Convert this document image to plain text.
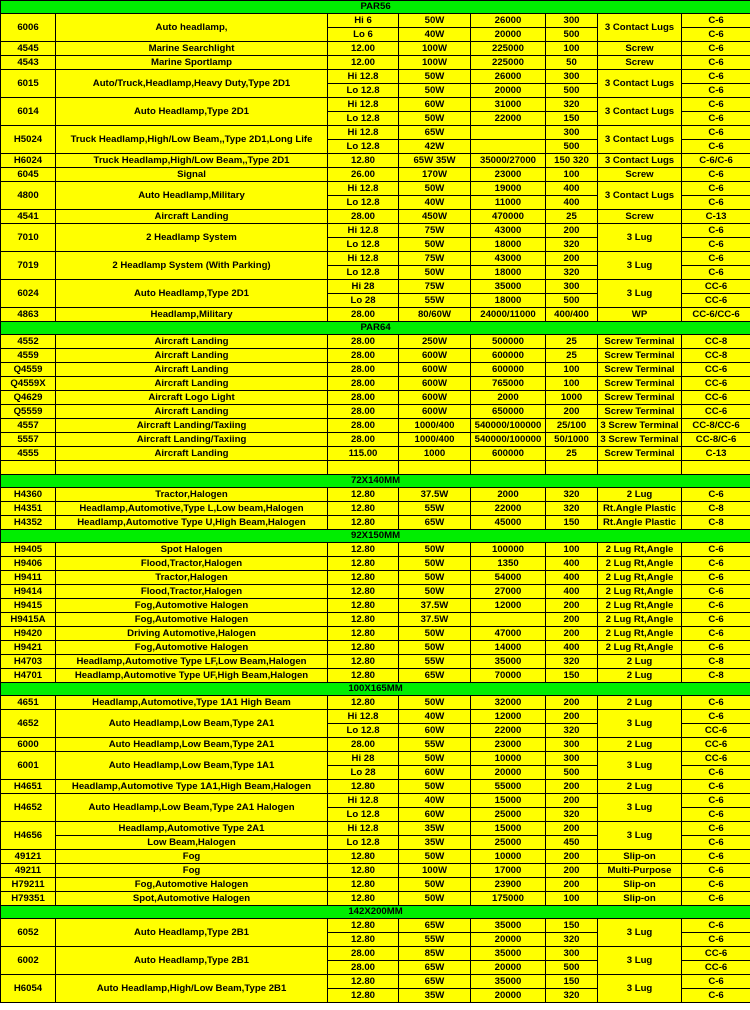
PAR56							
6006	Auto headlamp,	Hi 6	50W	26000	300	3 Contact Lugs	C-6
		Lo 6	40W	20000	500		C-6
4545	Marine Searchlight	12.00	100W	225000	100	Screw	C-6
4543	Marine Sportlamp	12.00	100W	225000	50	Screw	C-6
6015	Auto/Truck,Headlamp,Heavy Duty,Type 2D1	Hi 12.8	50W	26000	300	3 Contact Lugs	C-6
		Lo 12.8	50W	20000	500		C-6
6014	Auto Headlamp,Type 2D1	Hi 12.8	60W	31000	320	3 Contact Lugs	C-6
		Lo 12.8	50W	22000	150		C-6
H5024	Truck Headlamp,High/Low Beam,,Type 2D1,Long Life	Hi 12.8	65W		300	3 Contact Lugs	C-6
		Lo 12.8	42W		500		C-6
H6024	Truck Headlamp,High/Low Beam,,Type 2D1	12.80	65W 35W	35000/27000	150 320	3 Contact Lugs	C-6/C-6
6045	Signal	26.00	170W	23000	100	Screw	C-6
4800	Auto Headlamp,Military	Hi 12.8	50W	19000	400	3 Contact Lugs	C-6
		Lo 12.8	40W	11000	400		C-6
4541	Aircraft Landing	28.00	450W	470000	25	Screw	C-13
7010	2 Headlamp System	Hi 12.8	75W	43000	200	3 Lug	C-6
		Lo 12.8	50W	18000	320		C-6
7019	2 Headlamp System (With Parking)	Hi 12.8	75W	43000	200	3 Lug	C-6
		Lo 12.8	50W	18000	320		C-6
6024	Auto Headlamp,Type 2D1	Hi 28	75W	35000	300	3 Lug	CC-6
		Lo 28	55W	18000	500		CC-6
4863	Headlamp,Military	28.00	80/60W	24000/11000	400/400	WP	CC-6/CC-6
PAR64							
4552	Aircraft Landing	28.00	250W	500000	25	Screw Terminal	CC-8
4559	Aircraft Landing	28.00	600W	600000	25	Screw Terminal	CC-8
Q4559	Aircraft Landing	28.00	600W	600000	100	Screw Terminal	CC-6
Q4559X	Aircraft Landing	28.00	600W	765000	100	Screw Terminal	CC-6
Q4629	Aircraft Logo Light	28.00	600W	2000	1000	Screw Terminal	CC-6
Q5559	Aircraft Landing	28.00	600W	650000	200	Screw Terminal	CC-6
4557	Aircraft Landing/Taxiing	28.00	1000/400	540000/100000	25/100	3 Screw Terminal	CC-8/CC-6
5557	Aircraft Landing/Taxiing	28.00	1000/400	540000/100000	50/1000	3 Screw Terminal	CC-8/C-6
4555	Aircraft Landing	115.00	1000	600000	25	Screw Terminal	C-13

72X140MM							
H4360	Tractor,Halogen	12.80	37.5W	2000	320	2 Lug	C-6
H4351	Headlamp,Automotive,Type L,Low beam,Halogen	12.80	55W	22000	320	Rt.Angle Plastic	C-8
H4352	Headlamp,Automotive Type U,High Beam,Halogen	12.80	65W	45000	150	Rt.Angle Plastic	C-8
92X150MM							
H9405	Spot Halogen	12.80	50W	100000	100	2 Lug Rt,Angle	C-6
H9406	Flood,Tractor,Halogen	12.80	50W	1350	400	2 Lug Rt,Angle	C-6
H9411	Tractor,Halogen	12.80	50W	54000	400	2 Lug Rt,Angle	C-6
H9414	Flood,Tractor,Halogen	12.80	50W	27000	400	2 Lug Rt,Angle	C-6
H9415	Fog,Automotive Halogen	12.80	37.5W	12000	200	2 Lug Rt,Angle	C-6
H9415A	Fog,Automotive Halogen	12.80	37.5W		200	2 Lug Rt,Angle	C-6
H9420	Driving Automotive,Halogen	12.80	50W	47000	200	2 Lug Rt,Angle	C-6
H9421	Fog,Automotive Halogen	12.80	50W	14000	400	2 Lug Rt,Angle	C-6
H4703	Headlamp,Automotive Type LF,Low Beam,Halogen	12.80	55W	35000	320	2 Lug	C-8
H4701	Headlamp,Automotive Type UF,High Beam,Halogen	12.80	65W	70000	150	2 Lug	C-8
100X165MM							
4651	Headlamp,Automotive,Type 1A1 High Beam	12.80	50W	32000	200	2 Lug	C-6
4652	Auto Headlamp,Low Beam,Type 2A1	Hi 12.8	40W	12000	200	3 Lug	C-6
		Lo 12.8	60W	22000	320		CC-6
6000	Auto Headlamp,Low Beam,Type 2A1	28.00	55W	23000	300	2 Lug	CC-6
6001	Auto Headlamp,Low Beam,Type 1A1	Hi 28	50W	10000	300	3 Lug	CC-6
		Lo 28	60W	20000	500		C-6
H4651	Headlamp,Automotive Type 1A1,High Beam,Halogen	12.80	50W	55000	200	2 Lug	C-6
H4652	Auto Headlamp,Low Beam,Type 2A1 Halogen	Hi 12.8	40W	15000	200	3 Lug	C-6
		Lo 12.8	60W	25000	320		C-6
H4656	Headlamp,Automotive Type 2A1	Hi 12.8	35W	15000	200	3 Lug	C-6
	Low Beam,Halogen	Lo 12.8	35W	25000	450		C-6
49121	Fog	12.80	50W	10000	200	Slip-on	C-6
49211	Fog	12.80	100W	17000	200	Multi-Purpose	C-6
H79211	Fog,Automotive Halogen	12.80	50W	23900	200	Slip-on	C-6
H79351	Spot,Automotive Halogen	12.80	50W	175000	100	Slip-on	C-6
142X200MM							
6052	Auto Headlamp,Type 2B1	12.80	65W	35000	150	3 Lug	C-6
		12.80	55W	20000	320		C-6
6002	Auto Headlamp,Type 2B1	28.00	85W	35000	300	3 Lug	CC-6
		28.00	65W	20000	500		CC-6
H6054	Auto Headlamp,High/Low Beam,Type 2B1	12.80	65W	35000	150	3 Lug	C-6
		12.80	35W	20000	320		C-6
